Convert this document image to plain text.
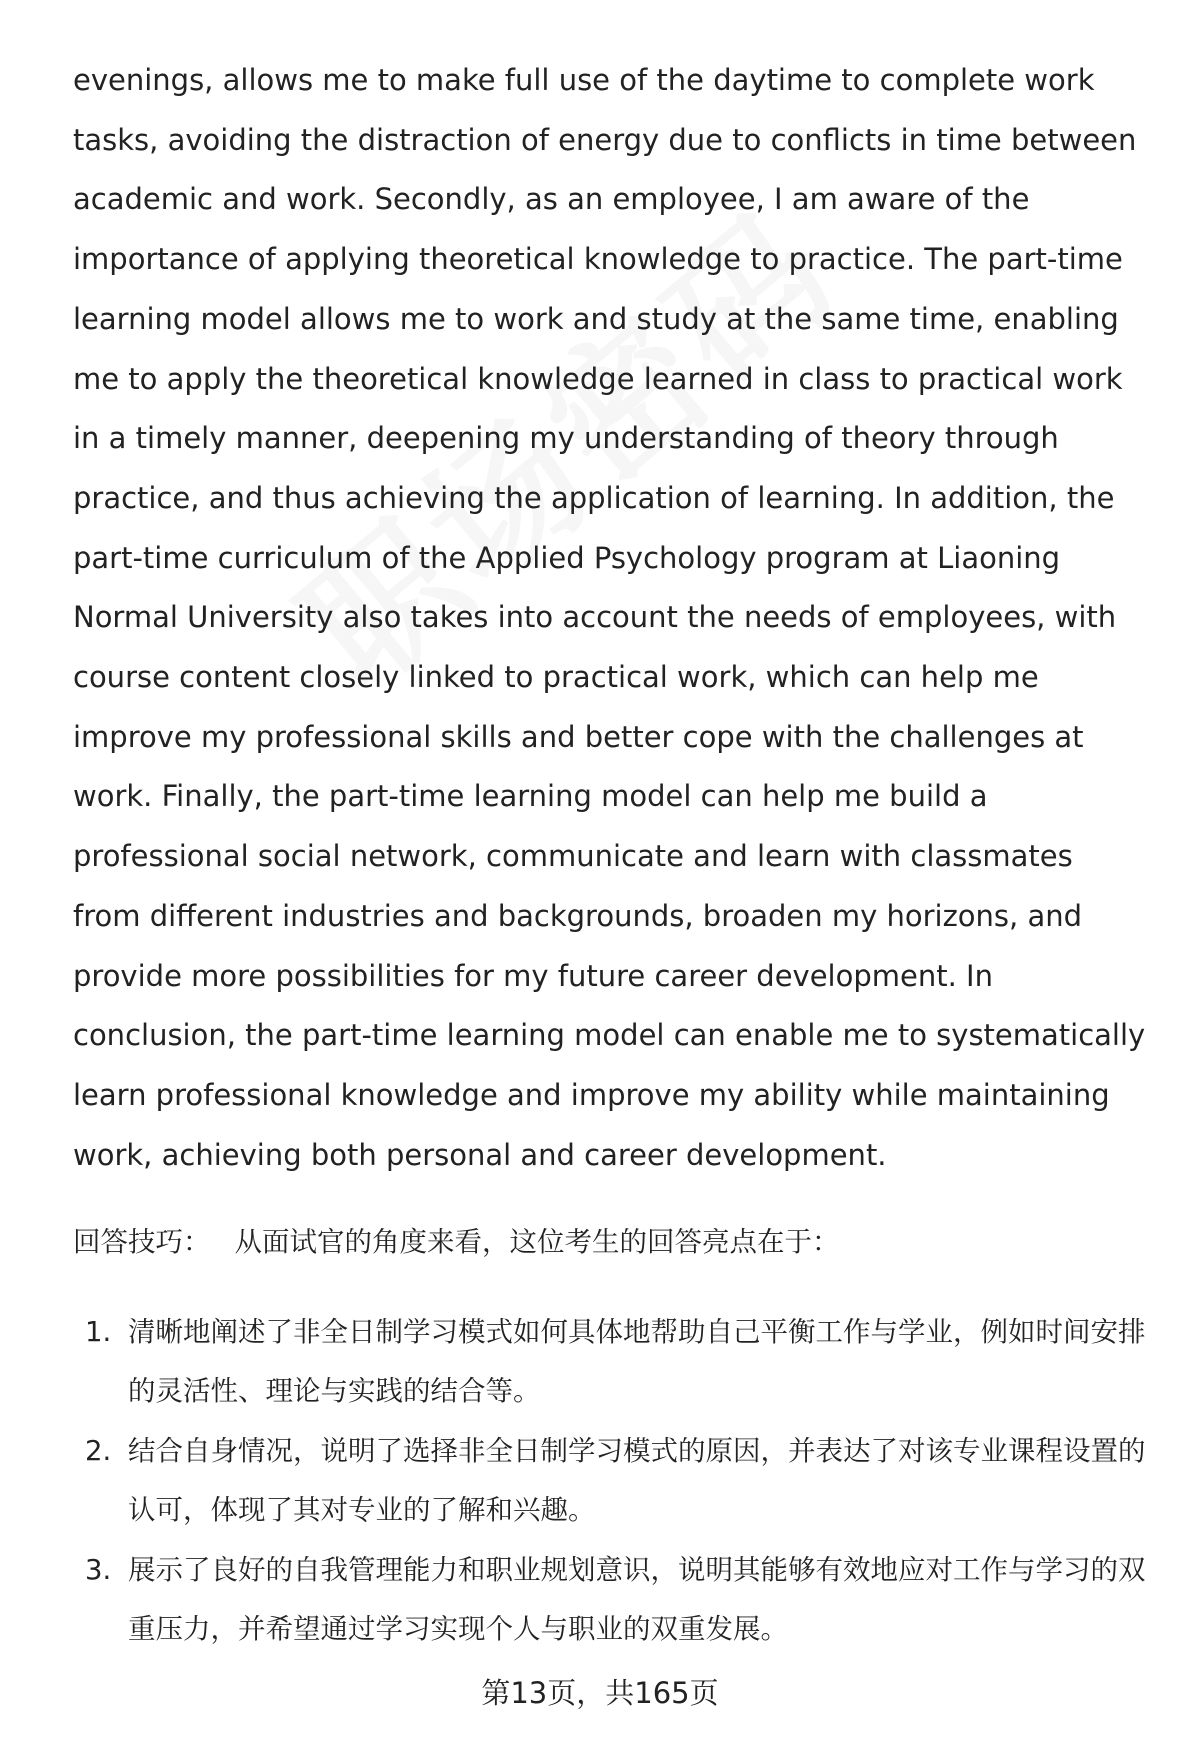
evenings, allows me to make full use of the daytime to complete work tasks, avoiding the distraction of energy due to conflicts in time between academic and work. Secondly, as an employee, I am aware of the importance of applying theoretical knowledge to practice. The part-time learning model allows me to work and study at the same time, enabling me to apply the theoretical knowledge learned in class to practical work in a timely manner, deepening my understanding of theory through practice, and thus achieving the application of learning. In addition, the part-time curriculum of the Applied Psychology program at Liaoning Normal University also takes into account the needs of employees, with course content closely linked to practical work, which can help me improve my professional skills and better cope with the challenges at work. Finally, the part-time learning model can help me build a professional social network, communicate and learn with classmates from different industries and backgrounds, broaden my horizons, and provide more possibilities for my future career development. In conclusion, the part-time learning model can enable me to systematically learn professional knowledge and improve my ability while maintaining work, achieving both personal and career development.

回答技巧： 从面试官的角度来看，这位考生的回答亮点在于：
1. 清晰地阐述了非全日制学习模式如何具体地帮助自己平衡工作与学业，例如时间安排的灵活性、理论与实践的结合等。
2. 结合自身情况，说明了选择非全日制学习模式的原因，并表达了对该专业课程设置的认可，体现了其对专业的了解和兴趣。
3. 展示了良好的自我管理能力和职业规划意识，说明其能够有效地应对工作与学习的双重压力，并希望通过学习实现个人与职业的双重发展。
第13页，共165页
